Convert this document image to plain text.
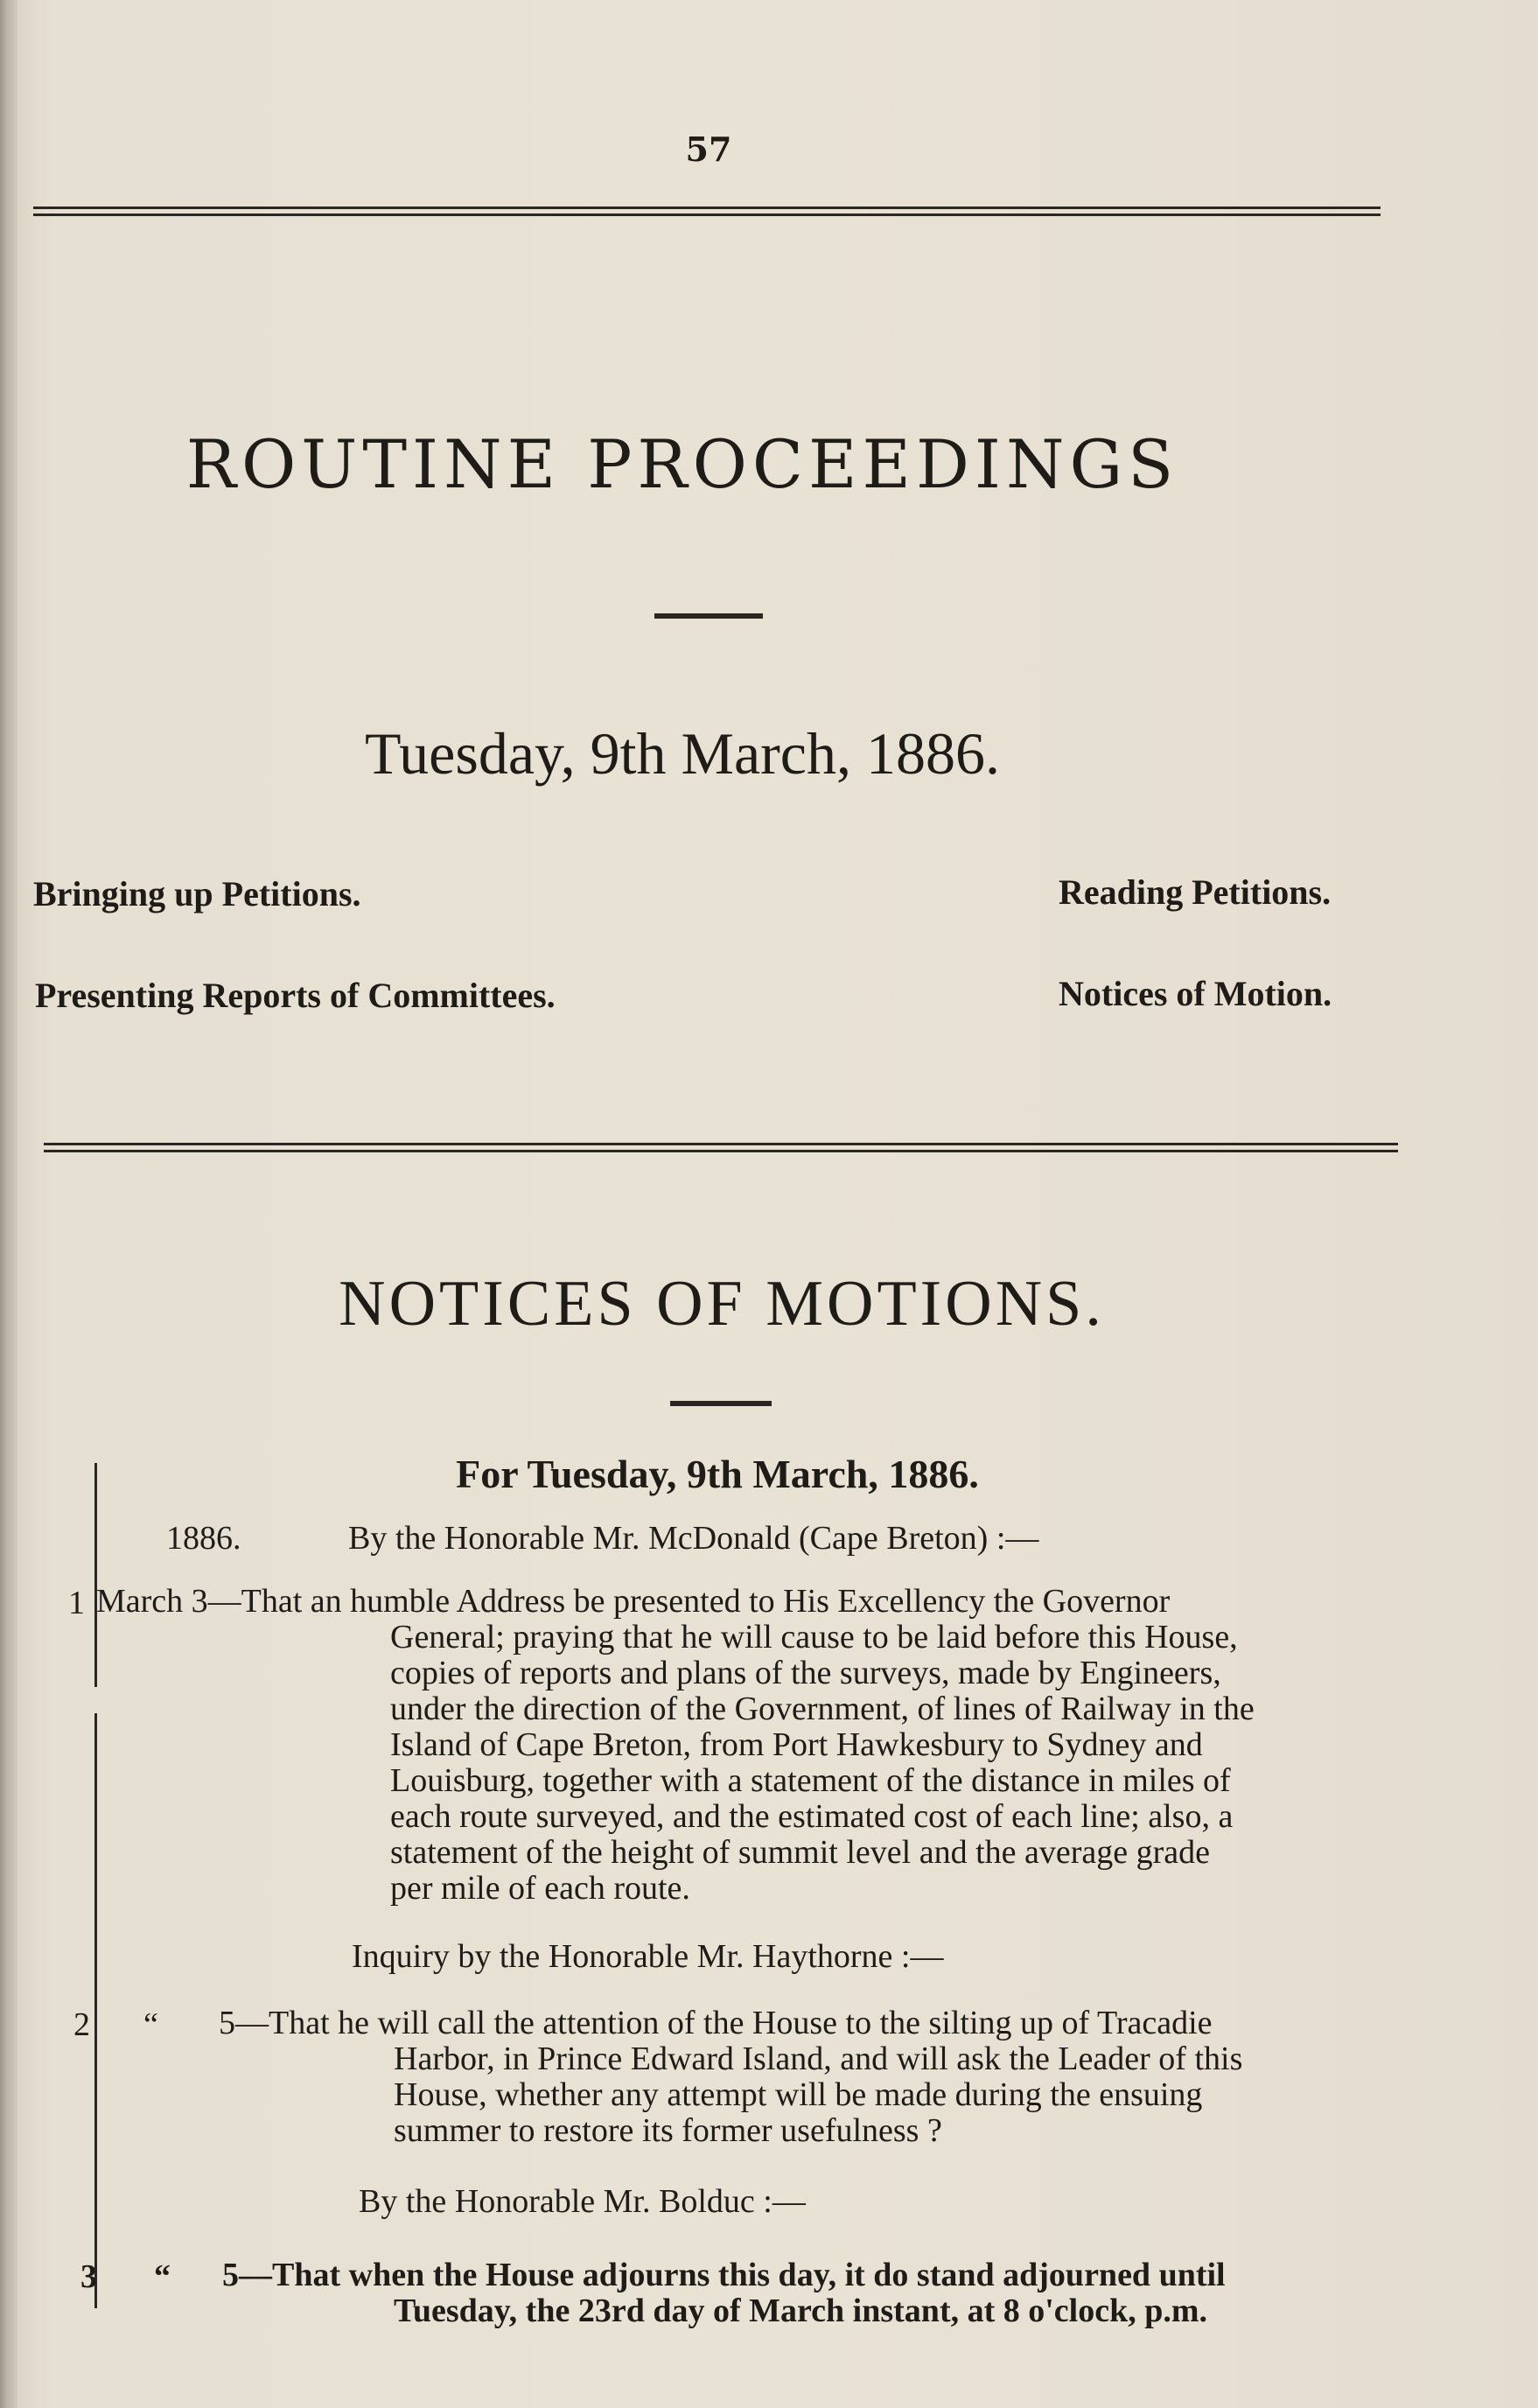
57
ROUTINE PROCEEDINGS
Tuesday, 9th March, 1886.
Bringing up Petitions.	Reading Petitions.
Presenting Reports of Committees.	Notices of Motion.
NOTICES OF MOTIONS.
For Tuesday, 9th March, 1886.
1886.	By the Honorable Mr. McDonald (Cape Breton) :—
1 March 3—That an humble Address be presented to His Excellency the Governor
General; praying that he will cause to be laid before this House,
copies of reports and plans of the surveys, made by Engineers,
under the direction of the Government, of lines of Railway in the
Island of Cape Breton, from Port Hawkesbury to Sydney and
Louisburg, together with a statement of the distance in miles of
each route surveyed, and the estimated cost of each line; also, a
statement of the height of summit level and the average grade
per mile of each route.
Inquiry by the Honorable Mr. Haythorne :—
2 “ 5—That he will call the attention of the House to the silting up of Tracadie
Harbor, in Prince Edward Island, and will ask the Leader of this
House, whether any attempt will be made during the ensuing
summer to restore its former usefulness ?
By the Honorable Mr. Bolduc :—
3 “ 5—That when the House adjourns this day, it do stand adjourned until
Tuesday, the 23rd day of March instant, at 8 o'clock, p.m.
